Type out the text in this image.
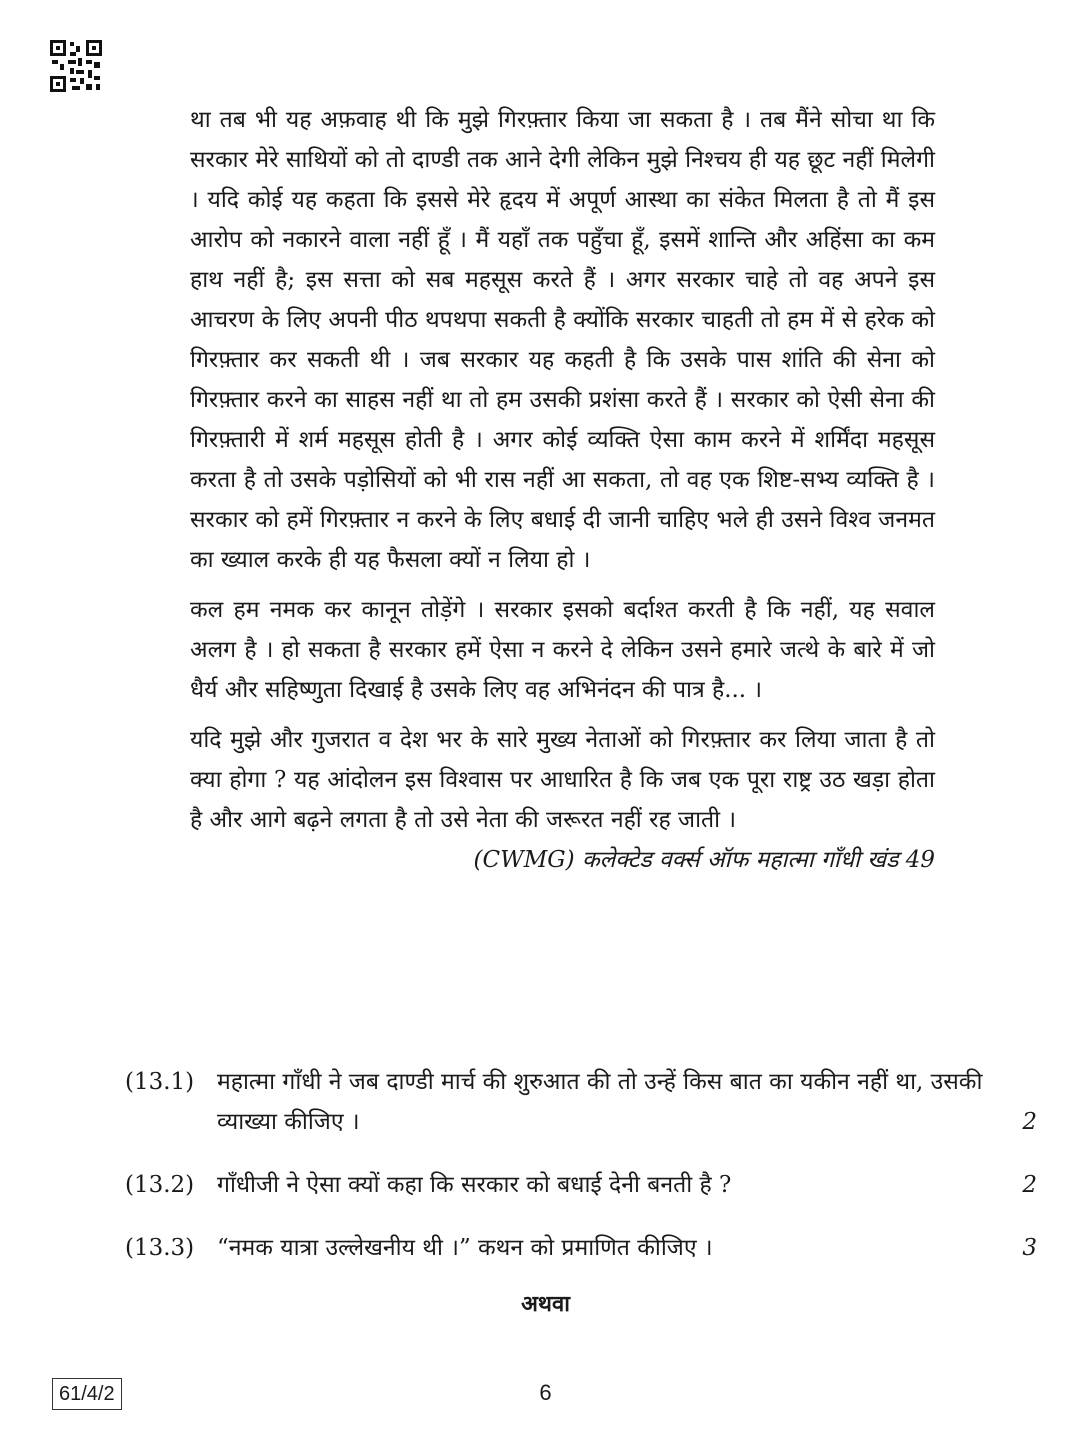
था तब भी यह अफ़वाह थी कि मुझे गिरफ़्तार किया जा सकता है । तब मैंने सोचा था कि सरकार मेरे साथियों को तो दाण्डी तक आने देगी लेकिन मुझे निश्चय ही यह छूट नहीं मिलेगी । यदि कोई यह कहता कि इससे मेरे हृदय में अपूर्ण आस्था का संकेत मिलता है तो मैं इस आरोप को नकारने वाला नहीं हूँ । मैं यहाँ तक पहुँचा हूँ, इसमें शान्ति और अहिंसा का कम हाथ नहीं है; इस सत्ता को सब महसूस करते हैं । अगर सरकार चाहे तो वह अपने इस आचरण के लिए अपनी पीठ थपथपा सकती है क्योंकि सरकार चाहती तो हम में से हरेक को गिरफ़्तार कर सकती थी । जब सरकार यह कहती है कि उसके पास शांति की सेना को गिरफ़्तार करने का साहस नहीं था तो हम उसकी प्रशंसा करते हैं । सरकार को ऐसी सेना की गिरफ़्तारी में शर्म महसूस होती है । अगर कोई व्यक्ति ऐसा काम करने में शर्मिंदा महसूस करता है तो उसके पड़ोसियों को भी रास नहीं आ सकता, तो वह एक शिष्ट-सभ्य व्यक्ति है । सरकार को हमें गिरफ़्तार न करने के लिए बधाई दी जानी चाहिए भले ही उसने विश्व जनमत का ख्याल करके ही यह फैसला क्यों न लिया हो ।

कल हम नमक कर कानून तोड़ेंगे । सरकार इसको बर्दाश्त करती है कि नहीं, यह सवाल अलग है । हो सकता है सरकार हमें ऐसा न करने दे लेकिन उसने हमारे जत्थे के बारे में जो धैर्य और सहिष्णुता दिखाई है उसके लिए वह अभिनंदन की पात्र है... ।

यदि मुझे और गुजरात व देश भर के सारे मुख्य नेताओं को गिरफ़्तार कर लिया जाता है तो क्या होगा ? यह आंदोलन इस विश्वास पर आधारित है कि जब एक पूरा राष्ट्र उठ खड़ा होता है और आगे बढ़ने लगता है तो उसे नेता की जरूरत नहीं रह जाती ।
(CWMG) कलेक्टेड वर्क्स ऑफ महात्मा गाँधी खंड 49

(13.1) महात्मा गाँधी ने जब दाण्डी मार्च की शुरुआत की तो उन्हें किस बात का यकीन नहीं था, उसकी व्याख्या कीजिए ।	2
(13.2) गाँधीजी ने ऐसा क्यों कहा कि सरकार को बधाई देनी बनती है ?	2
(13.3) “नमक यात्रा उल्लेखनीय थी ।” कथन को प्रमाणित कीजिए ।	3
अथवा
61/4/2	6
